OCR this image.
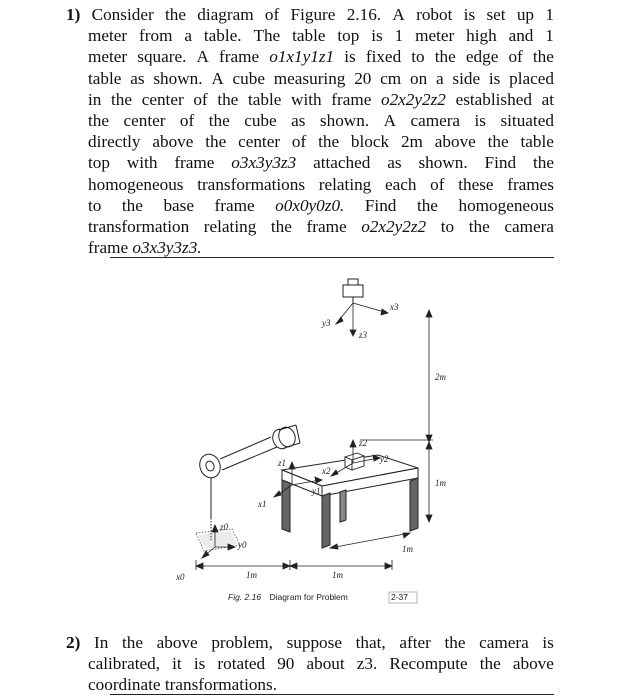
1) Consider the diagram of Figure 2.16. A robot is set up 1
meter from a table. The table top is 1 meter high and 1
meter square. A frame o1x1y1z1 is fixed to the edge of the
table as shown. A cube measuring 20 cm on a side is placed
in the center of the table with frame o2x2y2z2 established at
the center of the cube as shown. A camera is situated
directly above the center of the block 2m above the table
top with frame o3x3y3z3 attached as shown. Find the
homogeneous transformations relating each of these frames
to the base frame o0x0y0z0. Find the homogeneous
transformation relating the frame o2x2y2z2 to the camera
frame
o3x3y3z3.
x3
y3
z3
2m
1m
z2
y2
x2
z1
y1
x1
z0
y0
x0	1m	1m
1m
Fig. 2.16 Diagram for Problem	2-37
2) In the above problem, suppose that, after the camera is
calibrated, it is rotated 90 about z3. Recompute the above
coordinate
transformations.
